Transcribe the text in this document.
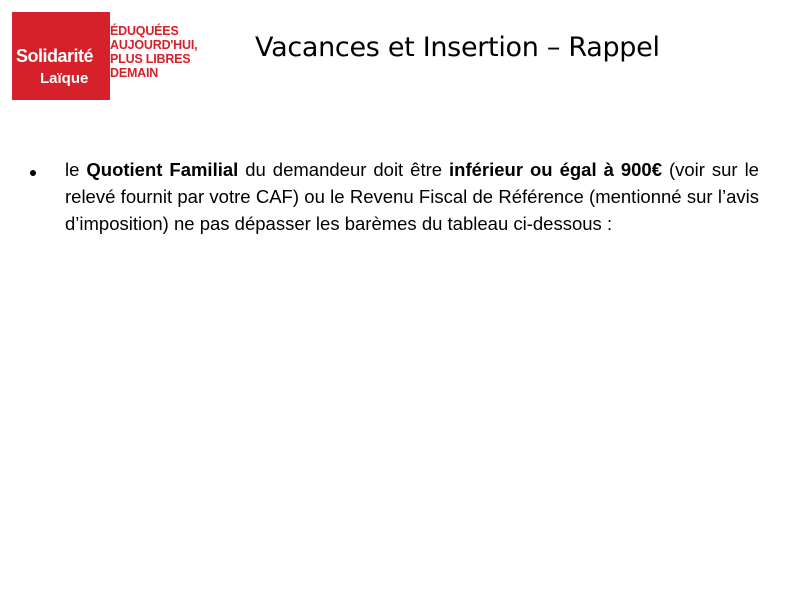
Solidarité
Laïque
ÉDUQUÉES
AUJOURD'HUI,
PLUS LIBRES
DEMAIN
Vacances et Insertion – Rappel

le Quotient Familial du demandeur doit être inférieur ou égal à 900€ (voir sur le relevé fournit par votre CAF) ou le Revenu Fiscal de Référence (mentionné sur l’avis d’imposition) ne pas dépasser les barèmes du tableau ci-dessous :
